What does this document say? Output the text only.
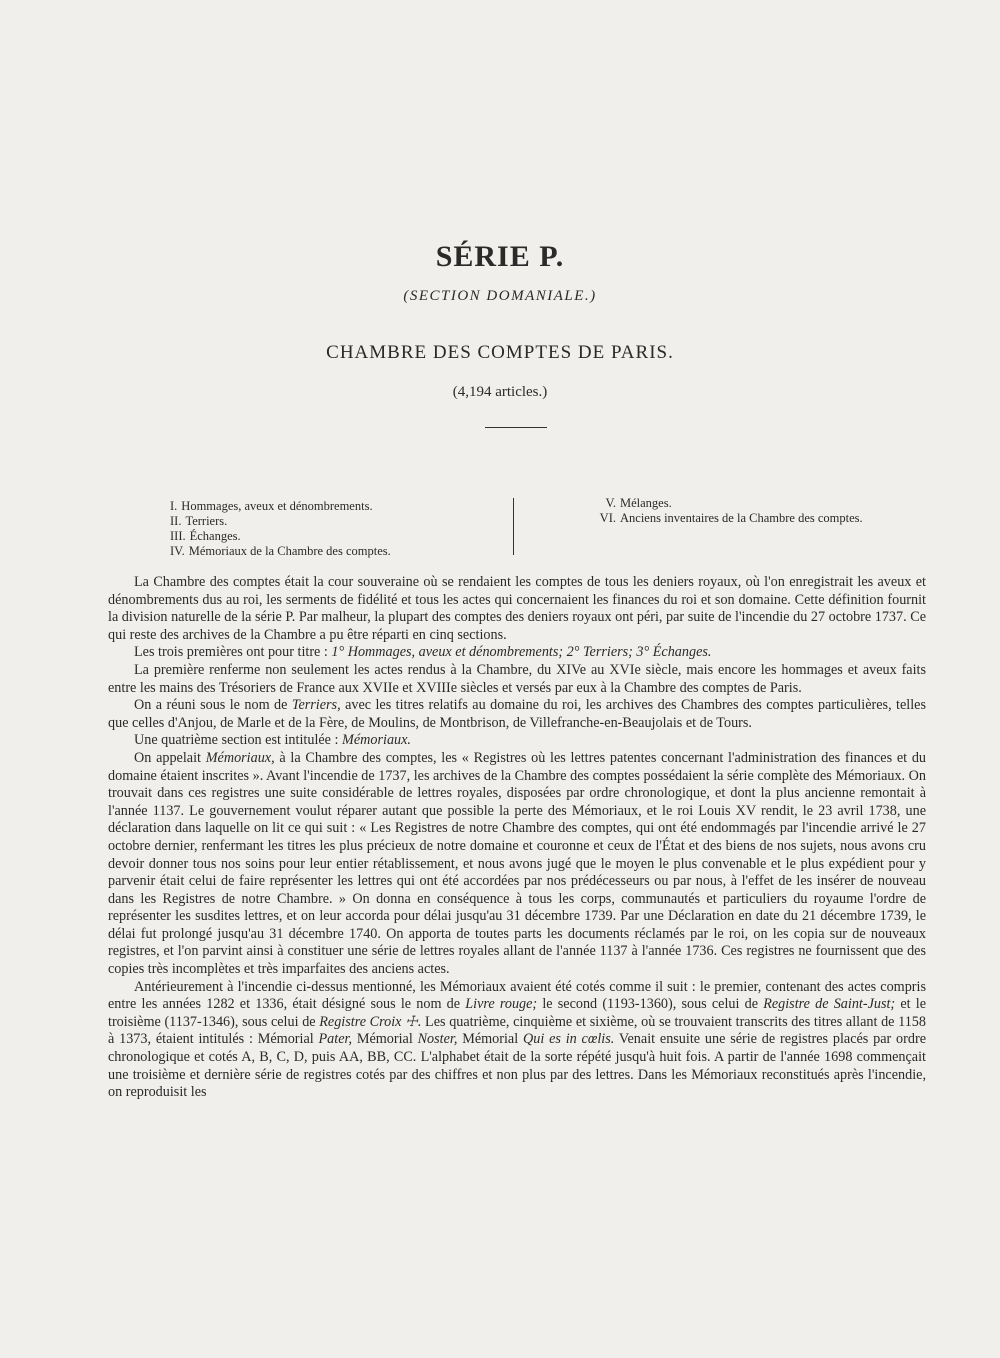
SÉRIE P.
(SECTION DOMANIALE.)
CHAMBRE DES COMPTES DE PARIS.
(4,194 articles.)
I. Hommages, aveux et dénombrements.
II. Terriers.
III. Échanges.
IV. Mémoriaux de la Chambre des comptes.
V. Mélanges.
VI. Anciens inventaires de la Chambre des comptes.

La Chambre des comptes était la cour souveraine où se rendaient les comptes de tous les deniers royaux, où l'on enregistrait les aveux et dénombrements dus au roi, les serments de fidélité et tous les actes qui concernaient les finances du roi et son domaine. Cette définition fournit la division naturelle de la série P. Par malheur, la plupart des comptes des deniers royaux ont péri, par suite de l'incendie du 27 octobre 1737. Ce qui reste des archives de la Chambre a pu être réparti en cinq sections.

Les trois premières ont pour titre : 1° Hommages, aveux et dénombrements; 2° Terriers; 3° Échanges.

La première renferme non seulement les actes rendus à la Chambre, du XIVe au XVIe siècle, mais encore les hommages et aveux faits entre les mains des Trésoriers de France aux XVIIe et XVIIIe siècles et versés par eux à la Chambre des comptes de Paris.

On a réuni sous le nom de Terriers, avec les titres relatifs au domaine du roi, les archives des Chambres des comptes particulières, telles que celles d'Anjou, de Marle et de la Fère, de Moulins, de Montbrison, de Villefranche-en-Beaujolais et de Tours.

Une quatrième section est intitulée : Mémoriaux.

On appelait Mémoriaux, à la Chambre des comptes, les « Registres où les lettres patentes concernant l'administration des finances et du domaine étaient inscrites ». Avant l'incendie de 1737, les archives de la Chambre des comptes possédaient la série complète des Mémoriaux. On trouvait dans ces registres une suite considérable de lettres royales, disposées par ordre chronologique, et dont la plus ancienne remontait à l'année 1137. Le gouvernement voulut réparer autant que possible la perte des Mémoriaux, et le roi Louis XV rendit, le 23 avril 1738, une déclaration dans laquelle on lit ce qui suit : « Les Registres de notre Chambre des comptes, qui ont été endommagés par l'incendie arrivé le 27 octobre dernier, renfermant les titres les plus précieux de notre domaine et couronne et ceux de l'État et des biens de nos sujets, nous avons cru devoir donner tous nos soins pour leur entier rétablissement, et nous avons jugé que le moyen le plus convenable et le plus expédient pour y parvenir était celui de faire représenter les lettres qui ont été accordées par nos prédécesseurs ou par nous, à l'effet de les insérer de nouveau dans les Registres de notre Chambre. » On donna en conséquence à tous les corps, communautés et particuliers du royaume l'ordre de représenter les susdites lettres, et on leur accorda pour délai jusqu'au 31 décembre 1739. Par une Déclaration en date du 21 décembre 1739, le délai fut prolongé jusqu'au 31 décembre 1740. On apporta de toutes parts les documents réclamés par le roi, on les copia sur de nouveaux registres, et l'on parvint ainsi à constituer une série de lettres royales allant de l'année 1137 à l'année 1736. Ces registres ne fournissent que des copies très incomplètes et très imparfaites des anciens actes.

Antérieurement à l'incendie ci-dessus mentionné, les Mémoriaux avaient été cotés comme il suit : le premier, contenant des actes compris entre les années 1282 et 1336, était désigné sous le nom de Livre rouge; le second (1193-1360), sous celui de Registre de Saint-Just; et le troisième (1137-1346), sous celui de Registre Croix ☩. Les quatrième, cinquième et sixième, où se trouvaient transcrits des titres allant de 1158 à 1373, étaient intitulés : Mémorial Pater, Mémorial Noster, Mémorial Qui es in cœlis. Venait ensuite une série de registres placés par ordre chronologique et cotés A, B, C, D, puis AA, BB, CC. L'alphabet était de la sorte répété jusqu'à huit fois. A partir de l'année 1698 commençait une troisième et dernière série de registres cotés par des chiffres et non plus par des lettres. Dans les Mémoriaux reconstitués après l'incendie, on reproduisit les
